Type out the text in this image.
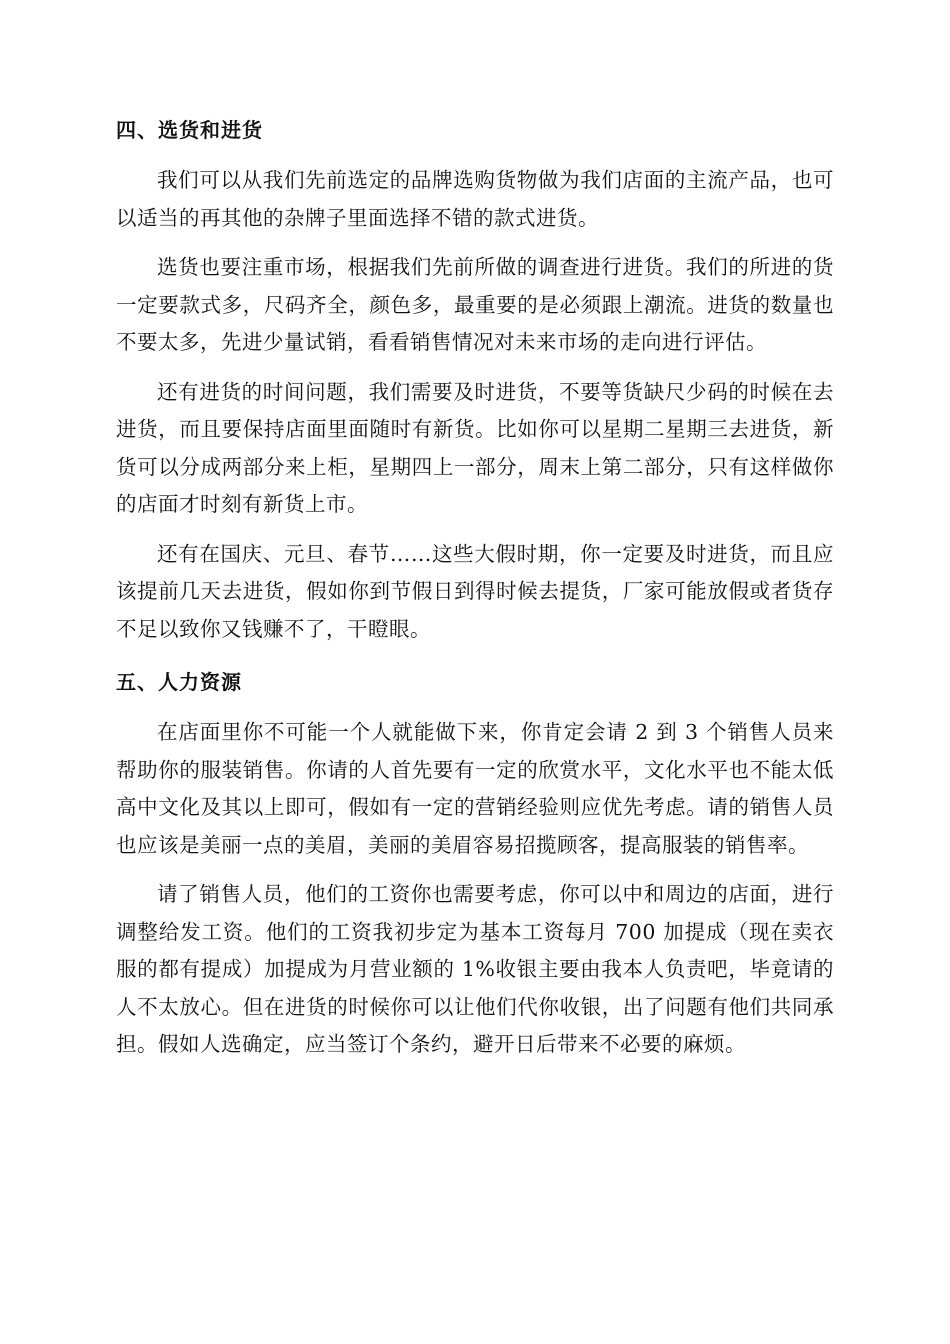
四、选货和进货

我们可以从我们先前选定的品牌选购货物做为我们店面的主流产品，也可以适当的再其他的杂牌子里面选择不错的款式进货。

选货也要注重市场，根据我们先前所做的调查进行进货。我们的所进的货一定要款式多，尺码齐全，颜色多，最重要的是必须跟上潮流。进货的数量也不要太多，先进少量试销，看看销售情况对未来市场的走向进行评估。

还有进货的时间问题，我们需要及时进货，不要等货缺尺少码的时候在去进货，而且要保持店面里面随时有新货。比如你可以星期二星期三去进货，新货可以分成两部分来上柜，星期四上一部分，周末上第二部分，只有这样做你的店面才时刻有新货上市。

还有在国庆、元旦、春节……这些大假时期，你一定要及时进货，而且应该提前几天去进货，假如你到节假日到得时候去提货，厂家可能放假或者货存不足以致你又钱赚不了，干瞪眼。

五、人力资源

在店面里你不可能一个人就能做下来，你肯定会请 2 到 3 个销售人员来帮助你的服装销售。你请的人首先要有一定的欣赏水平，文化水平也不能太低高中文化及其以上即可，假如有一定的营销经验则应优先考虑。请的销售人员也应该是美丽一点的美眉，美丽的美眉容易招揽顾客，提高服装的销售率。

请了销售人员，他们的工资你也需要考虑，你可以中和周边的店面，进行调整给发工资。他们的工资我初步定为基本工资每月 700 加提成（现在卖衣服的都有提成）加提成为月营业额的 1%收银主要由我本人负责吧，毕竟请的人不太放心。但在进货的时候你可以让他们代你收银，出了问题有他们共同承担。假如人选确定，应当签订个条约，避开日后带来不必要的麻烦。
